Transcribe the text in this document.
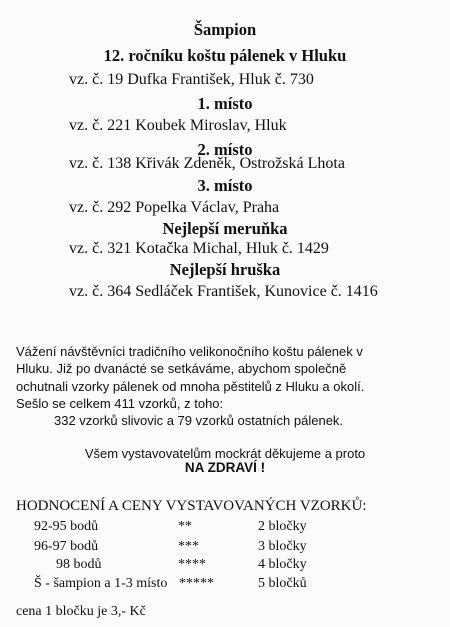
Šampion
12. ročníku koštu pálenek v Hluku
vz. č. 19 Dufka František, Hluk č. 730
1. místo
vz. č. 221 Koubek Miroslav, Hluk
2. místo
vz. č. 138 Křivák Zdeněk, Ostrožská Lhota
3. místo
vz. č. 292 Popelka Václav, Praha
Nejlepší meruňka
vz. č. 321 Kotačka Michal, Hluk č. 1429
Nejlepší hruška
vz. č. 364 Sedláček František, Kunovice č. 1416
Vážení návštěvníci tradičního velikonočního koštu pálenek v
Hluku. Již po dvanácté se setkáváme, abychom společně
ochutnali vzorky pálenek od mnoha pěstitelů z Hluku a okolí.
Sešlo se celkem 411 vzorků, z toho:
332 vzorků slivovic a 79 vzorků ostatních pálenek.
Všem vystavovatelům mockrát děkujeme a proto
NA ZDRAVÍ !
HODNOCENÍ A CENY VYSTAVOVANÝCH VZORKŮ:
92-95 bodů	**	2 bločky
96-97 bodů	***	3 bločky
98 bodů	****	4 bločky
Š - šampion a 1-3 místo *****	5 bločků
cena 1 bločku je 3,- Kč
